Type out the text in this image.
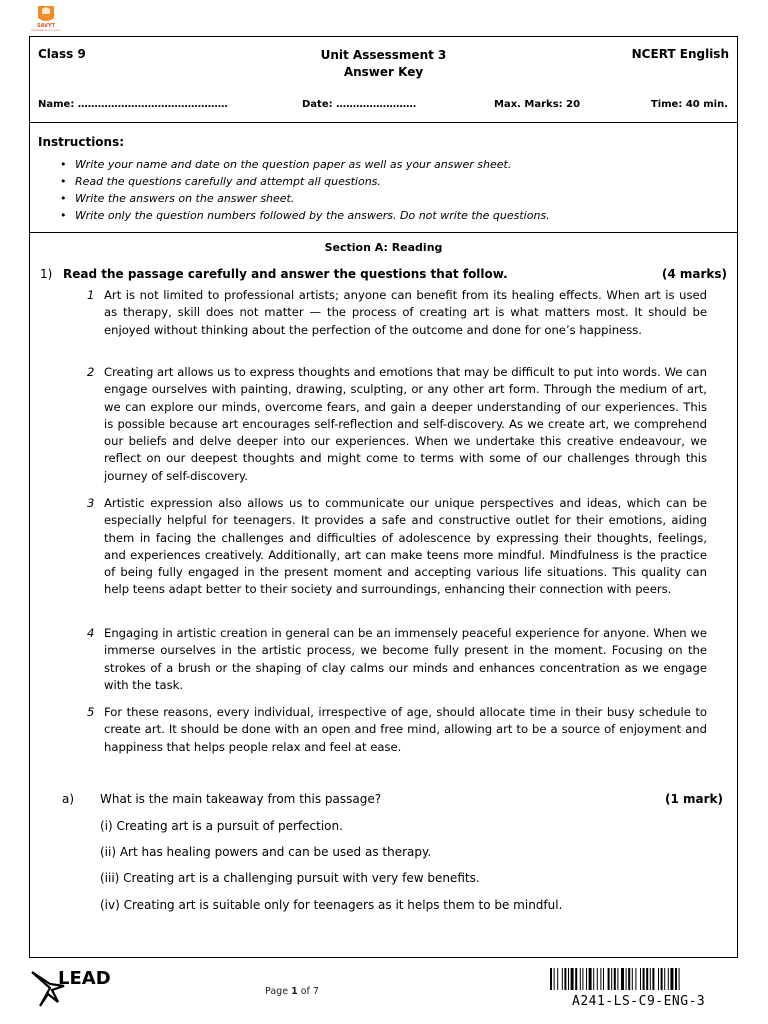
SAVYT
INTERNATIONAL GROUP OF SCHOOLS
Class 9	Unit Assessment 3
Answer Key
NCERT English
Name: ………………………………………	Date: ……………………	Max. Marks: 20	Time: 40 min.
Instructions:
• Write your name and date on the question paper as well as your answer sheet.
• Read the questions carefully and attempt all questions.
• Write the answers on the answer sheet.
• Write only the question numbers followed by the answers. Do not write the questions.
Section A: Reading
1) Read the passage carefully and answer the questions that follow.	(4 marks)
1 Art is not limited to professional artists; anyone can benefit from its healing effects. When art is used as therapy, skill does not matter — the process of creating art is what matters most. It should be enjoyed without thinking about the perfection of the outcome and done for one’s happiness.
2 Creating art allows us to express thoughts and emotions that may be difficult to put into words. We can engage ourselves with painting, drawing, sculpting, or any other art form. Through the medium of art, we can explore our minds, overcome fears, and gain a deeper understanding of our experiences. This is possible because art encourages self-reflection and self-discovery. As we create art, we comprehend our beliefs and delve deeper into our experiences. When we undertake this creative endeavour, we reflect on our deepest thoughts and might come to terms with some of our challenges through this journey of self-discovery.
3 Artistic expression also allows us to communicate our unique perspectives and ideas, which can be especially helpful for teenagers. It provides a safe and constructive outlet for their emotions, aiding them in facing the challenges and difficulties of adolescence by expressing their thoughts, feelings, and experiences creatively. Additionally, art can make teens more mindful. Mindfulness is the practice of being fully engaged in the present moment and accepting various life situations. This quality can help teens adapt better to their society and surroundings, enhancing their connection with peers.
4 Engaging in artistic creation in general can be an immensely peaceful experience for anyone. When we immerse ourselves in the artistic process, we become fully present in the moment. Focusing on the strokes of a brush or the shaping of clay calms our minds and enhances concentration as we engage with the task.
5 For these reasons, every individual, irrespective of age, should allocate time in their busy schedule to create art. It should be done with an open and free mind, allowing art to be a source of enjoyment and happiness that helps people relax and feel at ease.
a) What is the main takeaway from this passage?	(1 mark)
(i) Creating art is a pursuit of perfection.
(ii) Art has healing powers and can be used as therapy.
(iii) Creating art is a challenging pursuit with very few benefits.
(iv) Creating art is suitable only for teenagers as it helps them to be mindful.
LEAD
Page 1 of 7
A241-LS-C9-ENG-3
